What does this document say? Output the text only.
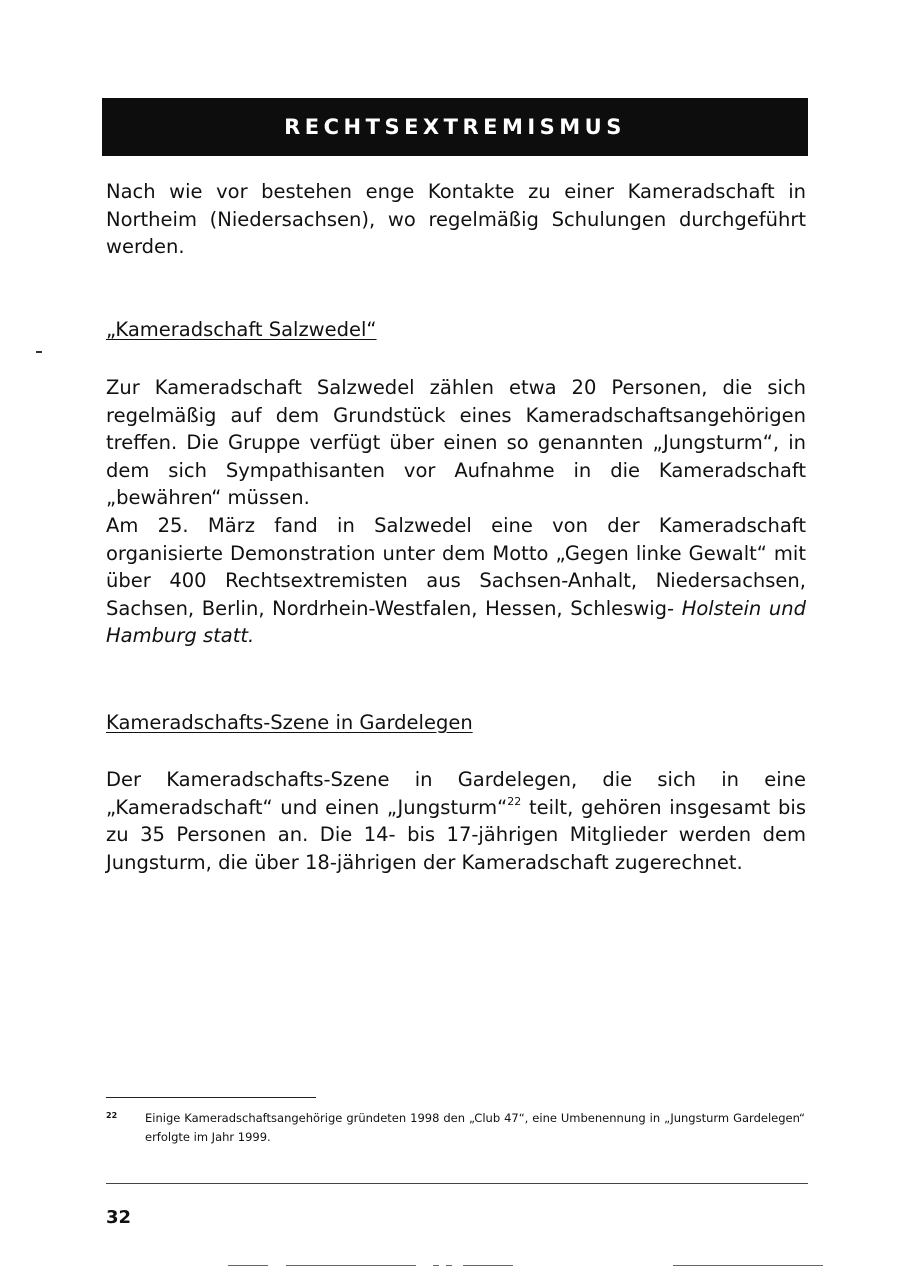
RECHTSEXTREMISMUS

Nach wie vor bestehen enge Kontakte zu einer Kameradschaft in Northeim (Niedersachsen), wo regelmäßig Schulungen durchgeführt werden.

„Kameradschaft Salzwedel“

Zur Kameradschaft Salzwedel zählen etwa 20 Personen, die sich regelmäßig auf dem Grundstück eines Kameradschaftsangehörigen treffen. Die Gruppe verfügt über einen so genannten „Jungsturm“, in dem sich Sympathisanten vor Aufnahme in die Kameradschaft „bewähren“ müssen.

Am 25. März fand in Salzwedel eine von der Kameradschaft organisierte Demonstration unter dem Motto „Gegen linke Gewalt“ mit über 400 Rechtsextremisten aus Sachsen-Anhalt, Niedersachsen, Sachsen, Berlin, Nordrhein-Westfalen, Hessen, Schleswig- Holstein und Hamburg statt.

Kameradschafts-Szene in Gardelegen

Der Kameradschafts-Szene in Gardelegen, die sich in eine „Kameradschaft“ und einen „Jungsturm“$^{22}$ teilt, gehören insgesamt bis zu 35 Personen an. Die 14- bis 17-jährigen Mitglieder werden dem Jungsturm, die über 18-jährigen der Kameradschaft zugerechnet.

22 Einige Kameradschaftsangehörige gründeten 1998 den „Club 47“, eine Umbenennung in „Jungsturm Gardelegen“ erfolgte im Jahr 1999.

32
